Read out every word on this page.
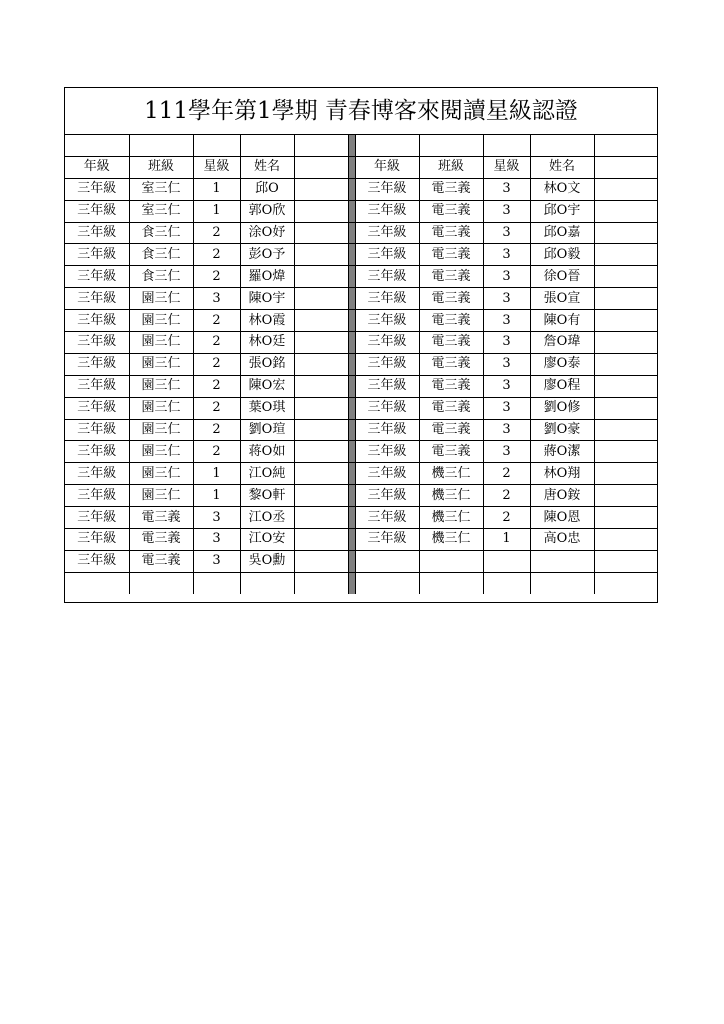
111學年第1學期 青春博客來閱讀星級認證

年級	班級	星級	姓名			年級	班級	星級	姓名	
三年級	室三仁	1	邱O			三年級	電三義	3	林O文	
三年級	室三仁	1	郭O欣			三年級	電三義	3	邱O宇	
三年級	食三仁	2	涂O妤			三年級	電三義	3	邱O嘉	
三年級	食三仁	2	彭O予			三年級	電三義	3	邱O毅	
三年級	食三仁	2	羅O煒			三年級	電三義	3	徐O晉	
三年級	園三仁	3	陳O宇			三年級	電三義	3	張O宣	
三年級	園三仁	2	林O霞			三年級	電三義	3	陳O有	
三年級	園三仁	2	林O廷			三年級	電三義	3	詹O瑋	
三年級	園三仁	2	張O銘			三年級	電三義	3	廖O泰	
三年級	園三仁	2	陳O宏			三年級	電三義	3	廖O程	
三年級	園三仁	2	葉O琪			三年級	電三義	3	劉O修	
三年級	園三仁	2	劉O瑄			三年級	電三義	3	劉O豪	
三年級	園三仁	2	蒋O如			三年級	電三義	3	蔣O潔	
三年級	園三仁	1	江O純			三年級	機三仁	2	林O翔	
三年級	園三仁	1	黎O軒			三年級	機三仁	2	唐O銨	
三年級	電三義	3	江O丞			三年級	機三仁	2	陳O恩	
三年級	電三義	3	江O安			三年級	機三仁	1	高O忠	
三年級	電三義	3	吳O勳							
